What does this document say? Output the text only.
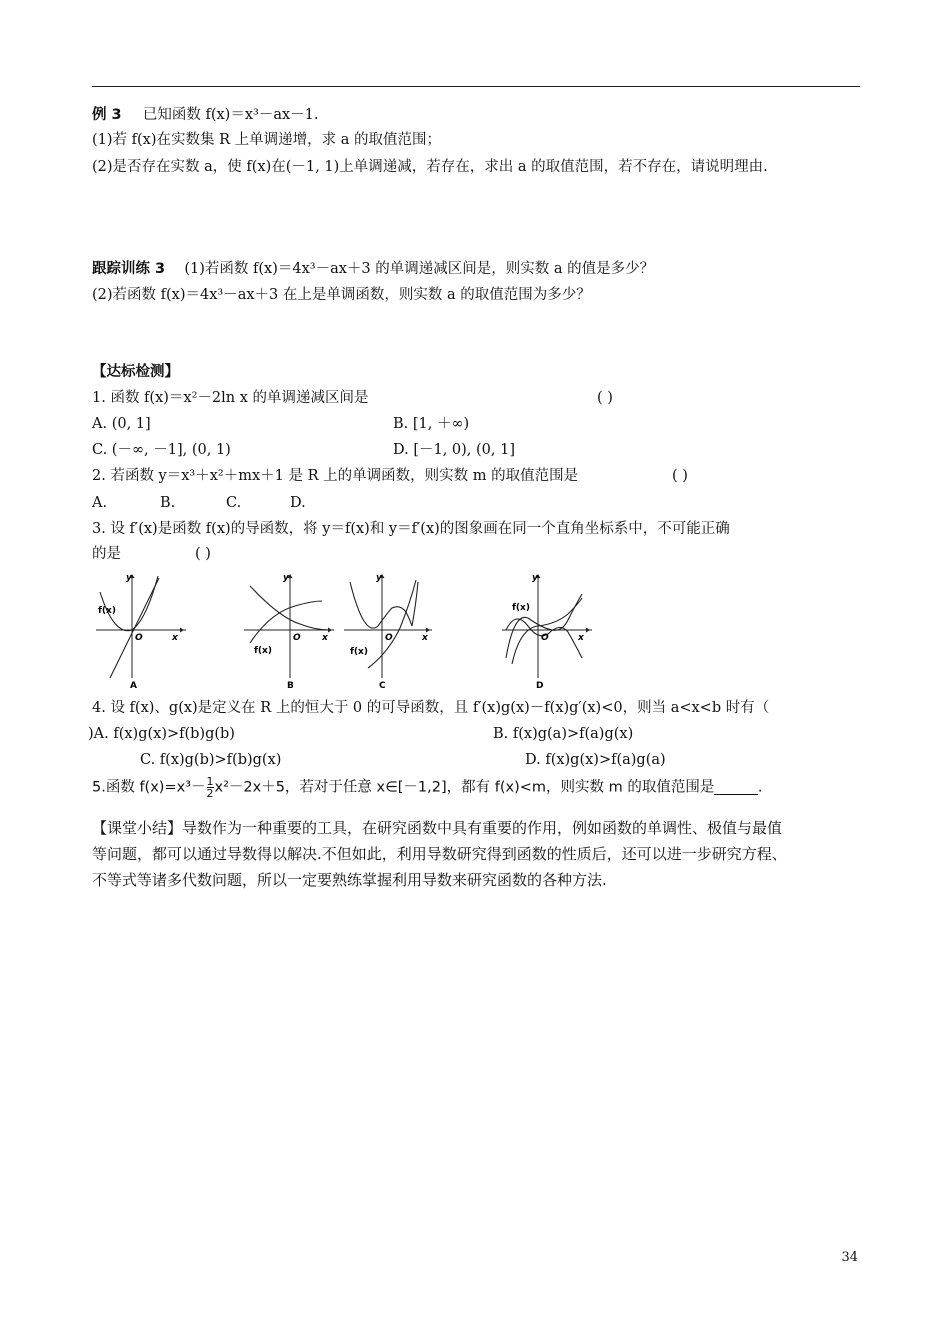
例 3 已知函数 f(x)＝x³－ax－1.
(1)若 f(x)在实数集 R 上单调递增，求 a 的取值范围；
(2)是否存在实数 a，使 f(x)在(－1, 1)上单调递减，若存在，求出 a 的取值范围，若不存在，请说明理由.
跟踪训练 3 (1)若函数 f(x)＝4x³－ax＋3 的单调递减区间是，则实数 a 的值是多少？
(2)若函数 f(x)＝4x³－ax＋3 在上是单调函数，则实数 a 的取值范围为多少？
【达标检测】
1. 函数 f(x)＝x²－2ln x 的单调递减区间是	( )
A. (0, 1]	B. [1, ＋∞)
C. (－∞, －1], (0, 1)	D. [－1, 0), (0, 1]
2. 若函数 y＝x³＋x²＋mx＋1 是 R 上的单调函数，则实数 m 的取值范围是	( )
A.	B.	C.	D.
3. 设 f′(x)是函数 f(x)的导函数，将 y＝f(x)和 y＝f′(x)的图象画在同一个直角坐标系中，不可能正确
的是	( )
y
x
O
f(x)
A
y
x
O
f(x)
B
y
x
O
f(x)
C
y
x
O
f(x)
D
4. 设 f(x)、g(x)是定义在 R 上的恒大于 0 的可导函数，且 f′(x)g(x)－f(x)g′(x)<0，则当 a<x<b 时有（
)A. f(x)g(x)>f(b)g(b)	B. f(x)g(a)>f(a)g(x)
C. f(x)g(b)>f(b)g(x)	D. f(x)g(x)>f(a)g(a)
5.函数 $f(x)=x^3- \frac{1}{2} x^2-2x+5$，若对于任意 x∈[－1,2]，都有 f(x)<m，则实数 m 的取值范围是______.
【课堂小结】导数作为一种重要的工具，在研究函数中具有重要的作用，例如函数的单调性、极值与最值
等问题，都可以通过导数得以解决.不但如此，利用导数研究得到函数的性质后，还可以进一步研究方程、
不等式等诸多代数问题，所以一定要熟练掌握利用导数来研究函数的各种方法.
34
